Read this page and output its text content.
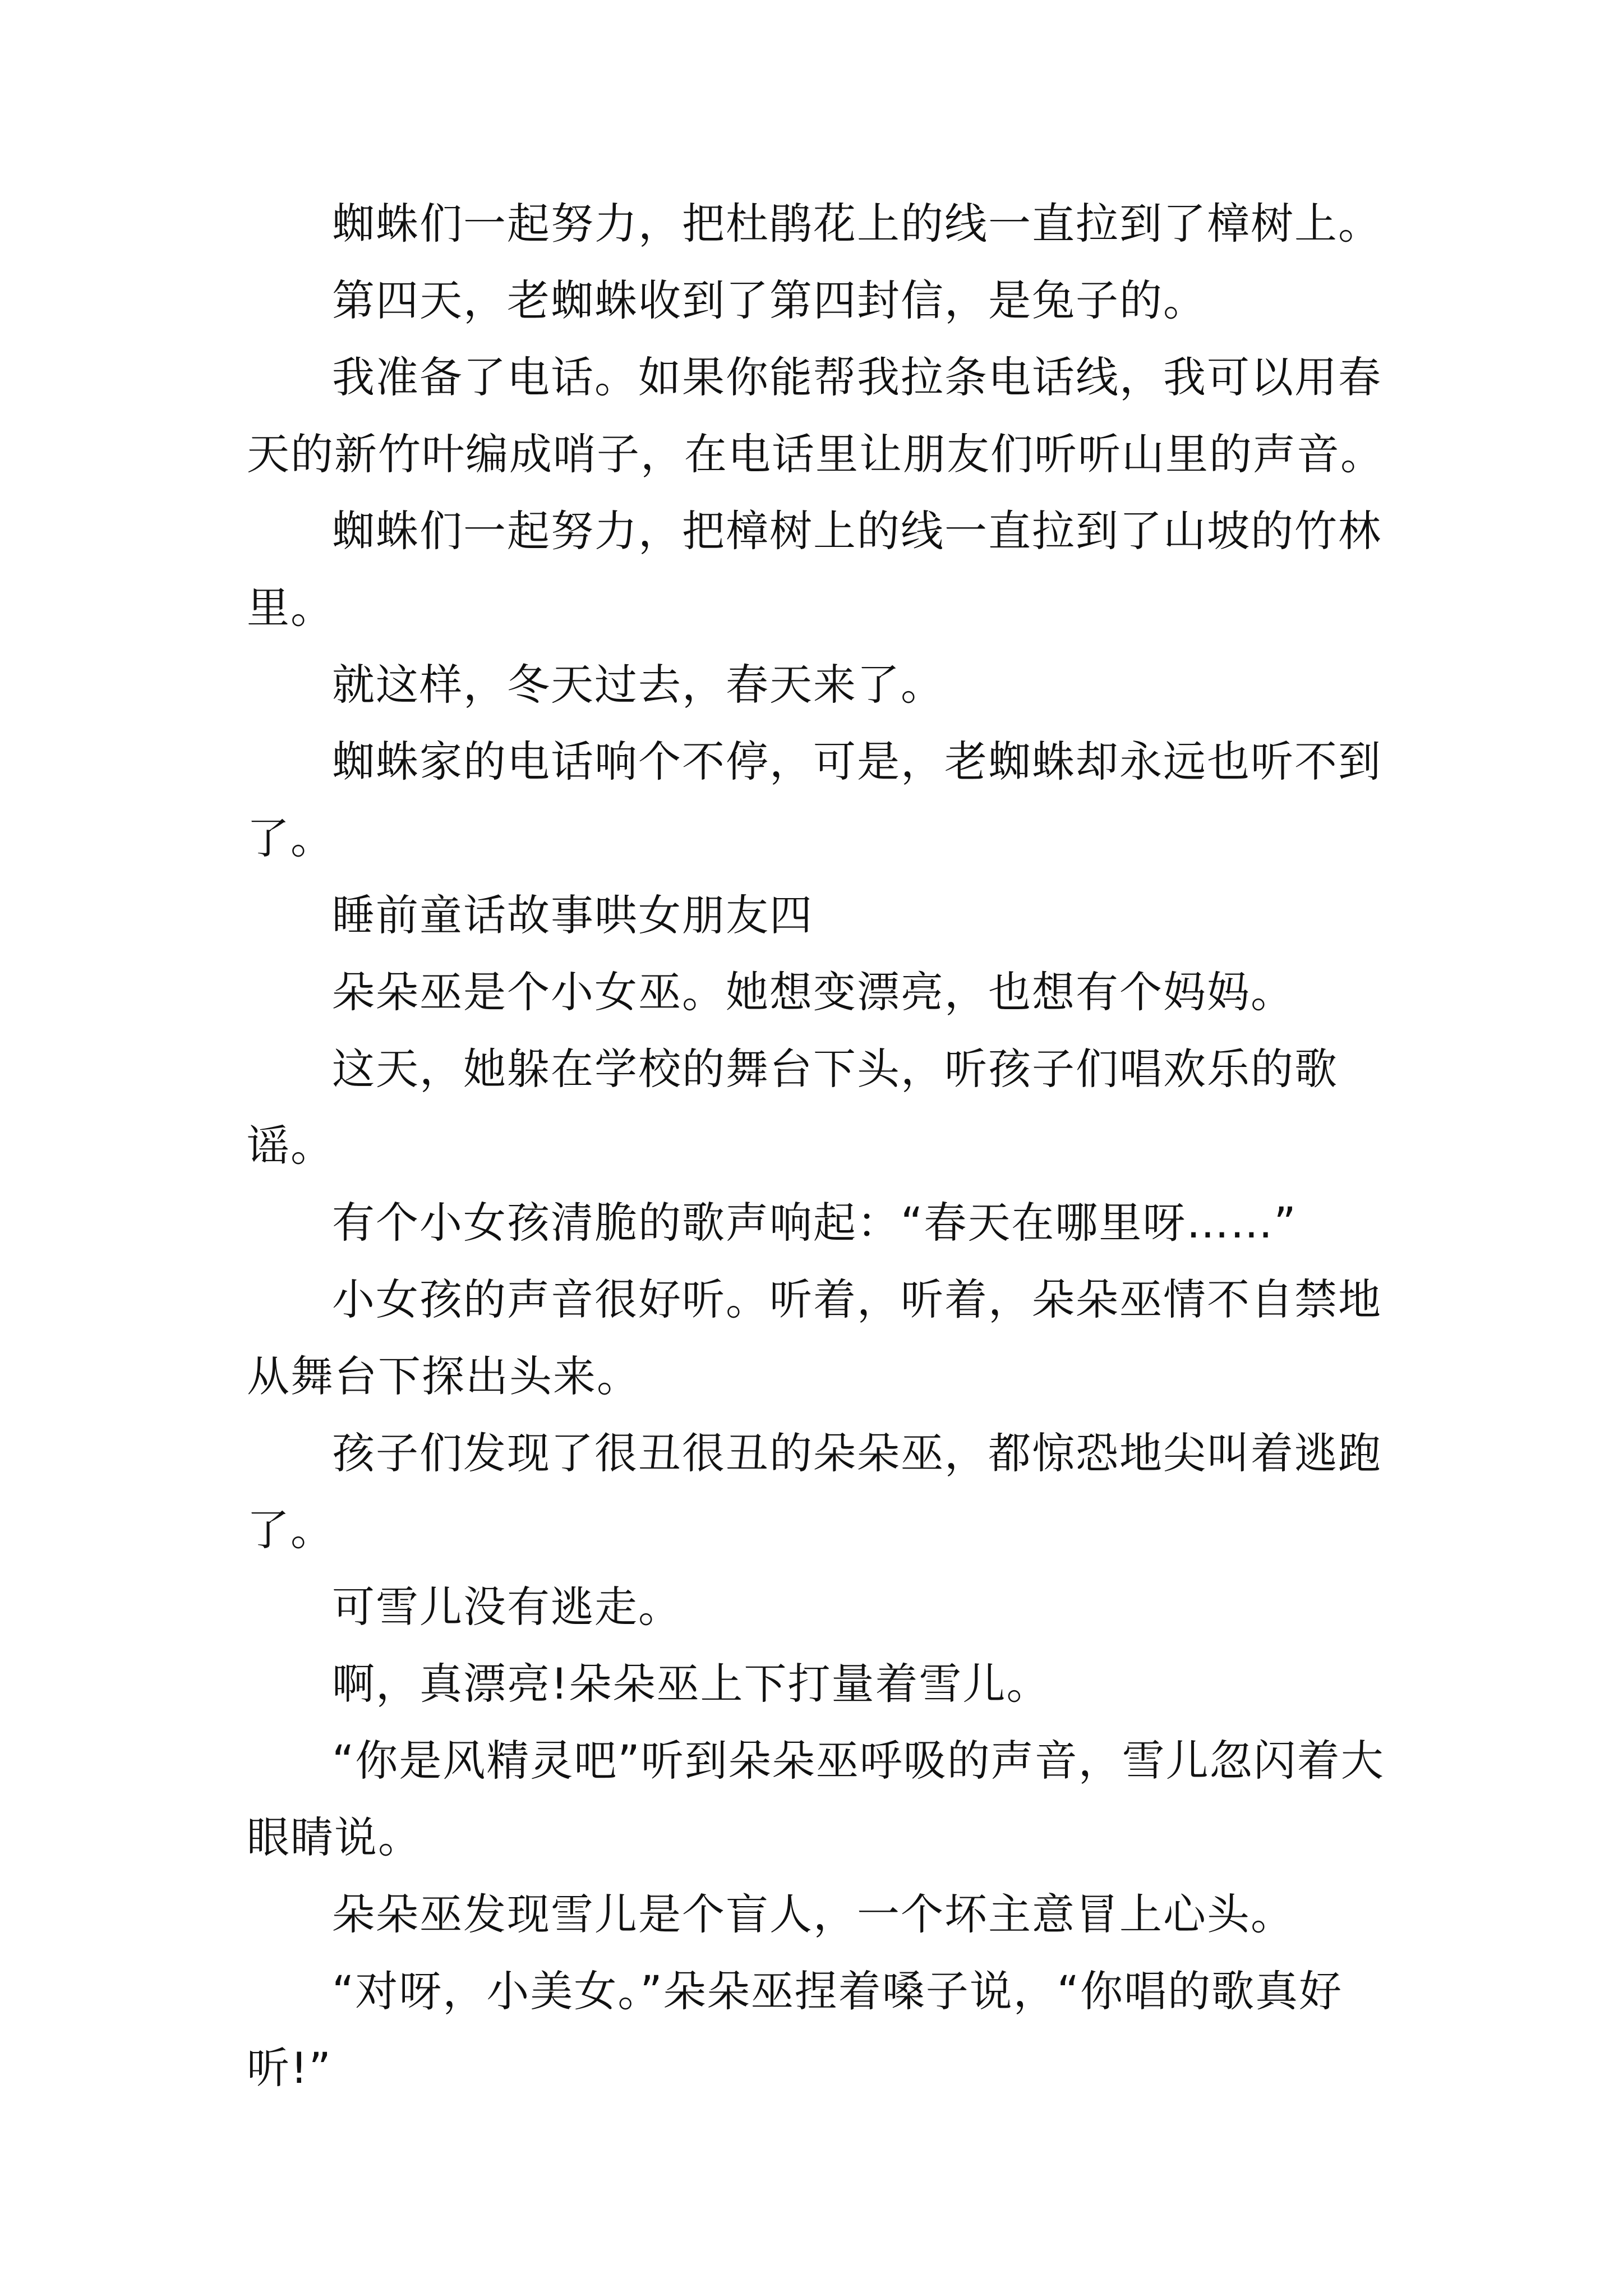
蜘蛛们一起努力，把杜鹃花上的线一直拉到了樟树上。

第四天，老蜘蛛收到了第四封信，是兔子的。

我准备了电话。如果你能帮我拉条电话线，我可以用春天的新竹叶编成哨子，在电话里让朋友们听听山里的声音。

蜘蛛们一起努力，把樟树上的线一直拉到了山坡的竹林里。

就这样，冬天过去，春天来了。

蜘蛛家的电话响个不停，可是，老蜘蛛却永远也听不到了。

睡前童话故事哄女朋友四

朵朵巫是个小女巫。她想变漂亮，也想有个妈妈。

这天，她躲在学校的舞台下头，听孩子们唱欢乐的歌谣。

有个小女孩清脆的歌声响起：“春天在哪里呀……”

小女孩的声音很好听。听着，听着，朵朵巫情不自禁地从舞台下探出头来。

孩子们发现了很丑很丑的朵朵巫，都惊恐地尖叫着逃跑了。

可雪儿没有逃走。

啊，真漂亮!朵朵巫上下打量着雪儿。

“你是风精灵吧”听到朵朵巫呼吸的声音，雪儿忽闪着大眼睛说。

朵朵巫发现雪儿是个盲人，一个坏主意冒上心头。

“对呀，小美女。”朵朵巫捏着嗓子说，“你唱的歌真好听!”
